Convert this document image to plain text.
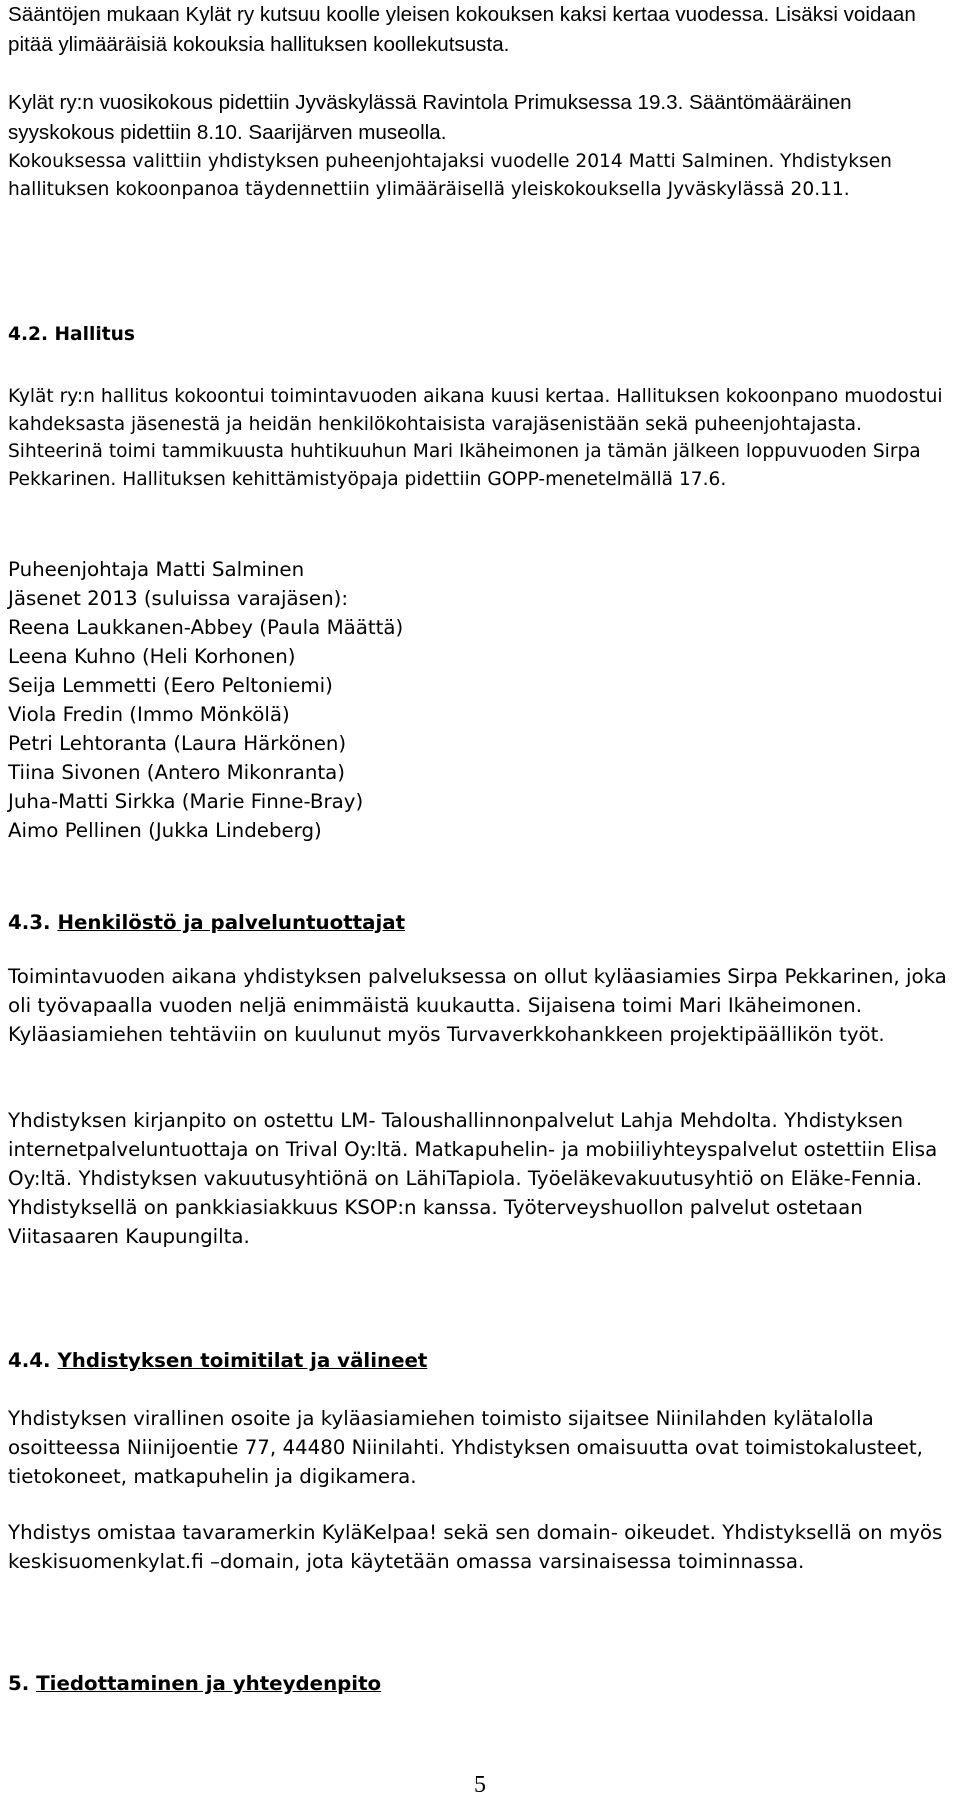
Sääntöjen mukaan Kylät ry kutsuu koolle yleisen kokouksen kaksi kertaa vuodessa. Lisäksi voidaan pitää ylimääräisiä kokouksia hallituksen koollekutsusta.

Kylät ry:n vuosikokous pidettiin Jyväskylässä Ravintola Primuksessa 19.3. Sääntömääräinen syyskokous pidettiin 8.10. Saarijärven museolla.

Kokouksessa valittiin yhdistyksen puheenjohtajaksi vuodelle 2014 Matti Salminen. Yhdistyksen hallituksen kokoonpanoa täydennettiin ylimääräisellä yleiskokouksella Jyväskylässä 20.11.

4.2. Hallitus

Kylät ry:n hallitus kokoontui toimintavuoden aikana kuusi kertaa. Hallituksen kokoonpano muodostui kahdeksasta jäsenestä ja heidän henkilökohtaisista varajäsenistään sekä puheenjohtajasta. Sihteerinä toimi tammikuusta huhtikuuhun Mari Ikäheimonen ja tämän jälkeen loppuvuoden Sirpa Pekkarinen. Hallituksen kehittämistyöpaja pidettiin GOPP-menetelmällä 17.6.

Puheenjohtaja Matti Salminen
Jäsenet 2013 (suluissa varajäsen):
Reena Laukkanen-Abbey (Paula Määttä)
Leena Kuhno (Heli Korhonen)
Seija Lemmetti (Eero Peltoniemi)
Viola Fredin (Immo Mönkölä)
Petri Lehtoranta (Laura Härkönen)
Tiina Sivonen (Antero Mikonranta)
Juha-Matti Sirkka (Marie Finne-Bray)
Aimo Pellinen (Jukka Lindeberg)

4.3. Henkilöstö ja palveluntuottajat

Toimintavuoden aikana yhdistyksen palveluksessa on ollut kyläasiamies Sirpa Pekkarinen, joka oli työvapaalla vuoden neljä enimmäistä kuukautta. Sijaisena toimi Mari Ikäheimonen. Kyläasiamiehen tehtäviin on kuulunut myös Turvaverkkohankkeen projektipäällikön työt.

Yhdistyksen kirjanpito on ostettu LM- Taloushallinnonpalvelut Lahja Mehdolta. Yhdistyksen internetpalveluntuottaja on Trival Oy:ltä. Matkapuhelin- ja mobiiliyhteyspalvelut ostettiin Elisa Oy:ltä. Yhdistyksen vakuutusyhtiönä on LähiTapiola. Työeläkevakuutusyhtiö on Eläke-Fennia. Yhdistyksellä on pankkiasiakkuus KSOP:n kanssa. Työterveyshuollon palvelut ostetaan Viitasaaren Kaupungilta.

4.4. Yhdistyksen toimitilat ja välineet

Yhdistyksen virallinen osoite ja kyläasiamiehen toimisto sijaitsee Niinilahden kylätalolla osoitteessa Niinijoentie 77, 44480 Niinilahti. Yhdistyksen omaisuutta ovat toimistokalusteet, tietokoneet, matkapuhelin ja digikamera.

Yhdistys omistaa tavaramerkin KyläKelpaa! sekä sen domain- oikeudet. Yhdistyksellä on myös keskisuomenkylat.fi –domain, jota käytetään omassa varsinaisessa toiminnassa.

5. Tiedottaminen ja yhteydenpito

5
